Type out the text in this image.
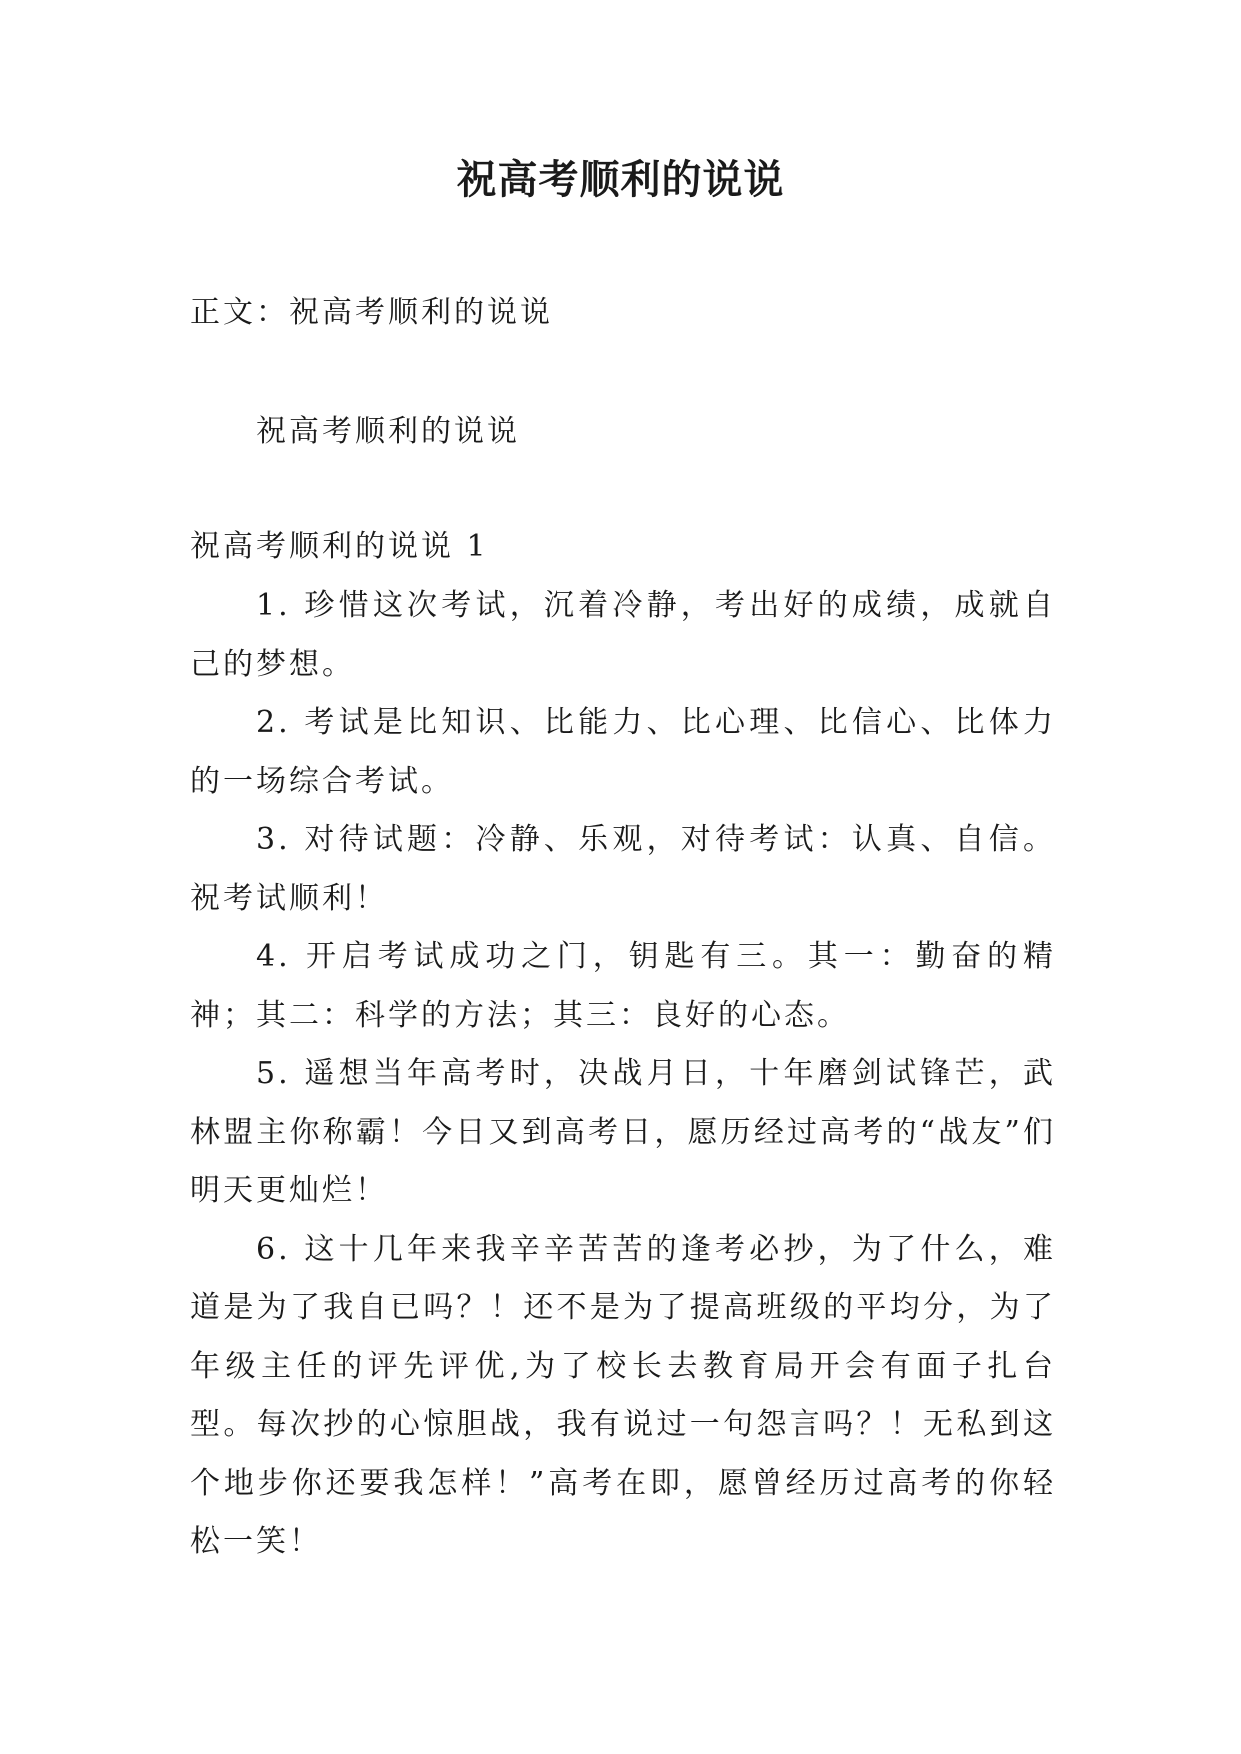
祝高考顺利的说说
正文：祝高考顺利的说说
祝高考顺利的说说
祝高考顺利的说说 1

1. 珍惜这次考试，沉着冷静，考出好的成绩，成就自己的梦想。

2. 考试是比知识、比能力、比心理、比信心、比体力的一场综合考试。

3. 对待试题：冷静、乐观，对待考试：认真、自信。祝考试顺利！

4. 开启考试成功之门，钥匙有三。其一：勤奋的精神；其二：科学的方法；其三：良好的心态。

5. 遥想当年高考时，决战月日，十年磨剑试锋芒，武林盟主你称霸！今日又到高考日，愿历经过高考的“战友”们明天更灿烂！

6. 这十几年来我辛辛苦苦的逢考必抄，为了什么，难道是为了我自已吗？！还不是为了提高班级的平均分，为了年级主任的评先评优,为了校长去教育局开会有面子扎台型。每次抄的心惊胆战，我有说过一句怨言吗？！无私到这个地步你还要我怎样！”高考在即，愿曾经历过高考的你轻松一笑！
